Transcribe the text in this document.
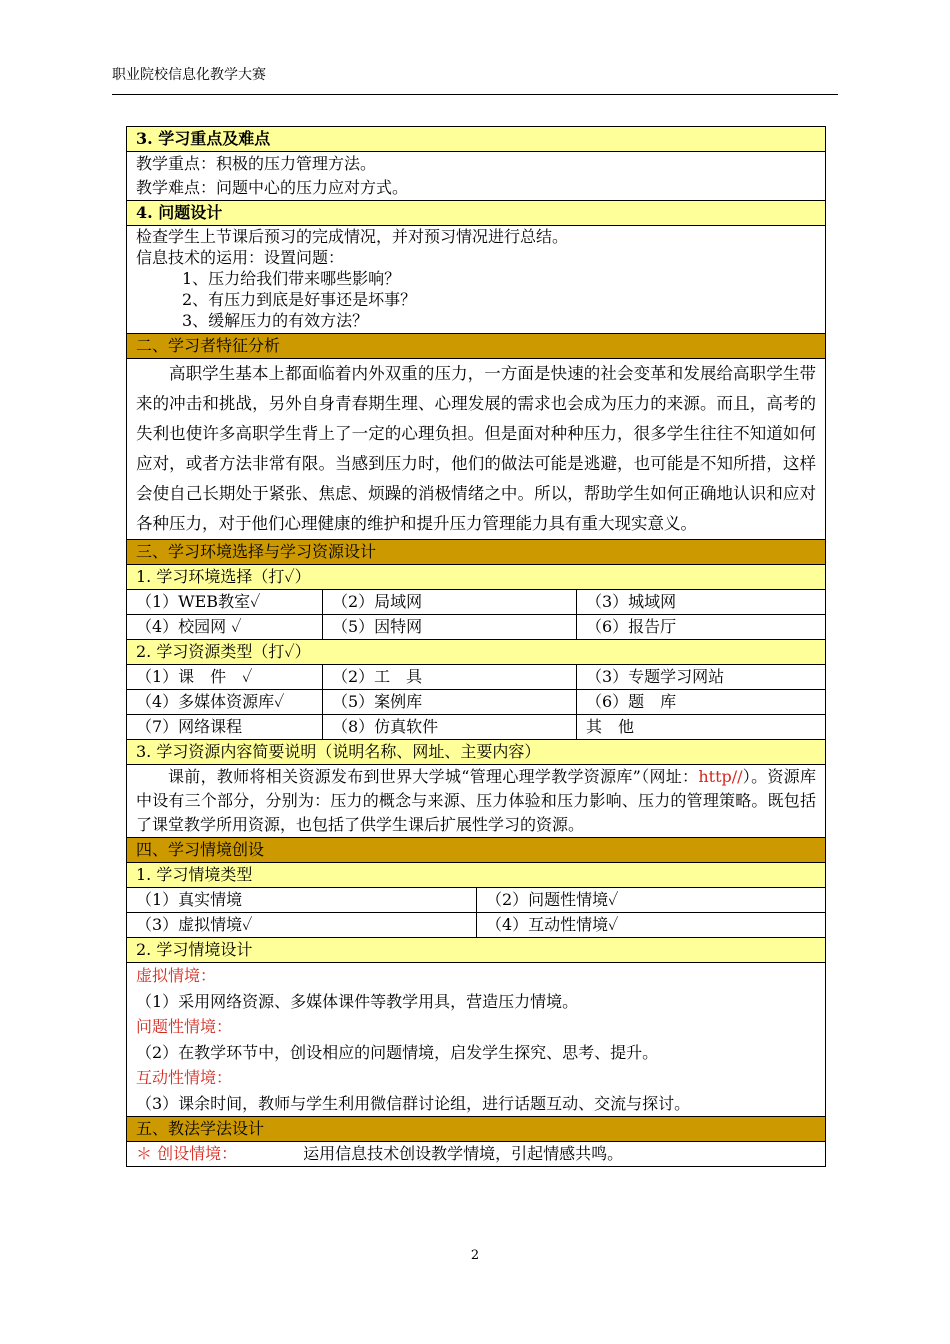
职业院校信息化教学大赛
3. 学习重点及难点
教学重点：积极的压力管理方法。
教学难点：问题中心的压力应对方式。
4. 问题设计
检查学生上节课后预习的完成情况，并对预习情况进行总结。
信息技术的运用：设置问题：
1、压力给我们带来哪些影响？
2、有压力到底是好事还是坏事？
3、缓解压力的有效方法？
二、学习者特征分析
高职学生基本上都面临着内外双重的压力，一方面是快速的社会变革和发展给高职学生带来的冲击和挑战，另外自身青春期生理、心理发展的需求也会成为压力的来源。而且，高考的失利也使许多高职学生背上了一定的心理负担。但是面对种种压力，很多学生往往不知道如何应对，或者方法非常有限。当感到压力时，他们的做法可能是逃避，也可能是不知所措，这样会使自己长期处于紧张、焦虑、烦躁的消极情绪之中。所以，帮助学生如何正确地认识和应对各种压力，对于他们心理健康的维护和提升压力管理能力具有重大现实意义。
三、学习环境选择与学习资源设计
1. 学习环境选择（打✓）
（1）WEB教室✓	（2）局域网	（3）城域网
（4）校园网 ✓	（5）因特网	（6）报告厅
2. 学习资源类型（打✓）
（1）课　件　✓	（2）工　具	（3）专题学习网站
（4）多媒体资源库✓	（5）案例库	（6）题　库
（7）网络课程	（8）仿真软件	其　他
3. 学习资源内容简要说明（说明名称、网址、主要内容）
课前，教师将相关资源发布到世界大学城“管理心理学教学资源库”（网址：http//）。资源库中设有三个部分，分别为：压力的概念与来源、压力体验和压力影响、压力的管理策略。既包括了课堂教学所用资源，也包括了供学生课后扩展性学习的资源。
四、学习情境创设
1. 学习情境类型
（1）真实情境	（2）问题性情境✓
（3）虚拟情境✓	（4）互动性情境✓
2. 学习情境设计
虚拟情境：
（1）采用网络资源、多媒体课件等教学用具，营造压力情境。
问题性情境：
（2）在教学环节中，创设相应的问题情境，启发学生探究、思考、提升。
互动性情境：
（3）课余时间，教师与学生利用微信群讨论组，进行话题互动、交流与探讨。
五、教法学法设计
＊ 创设情境：	运用信息技术创设教学情境，引起情感共鸣。
2
